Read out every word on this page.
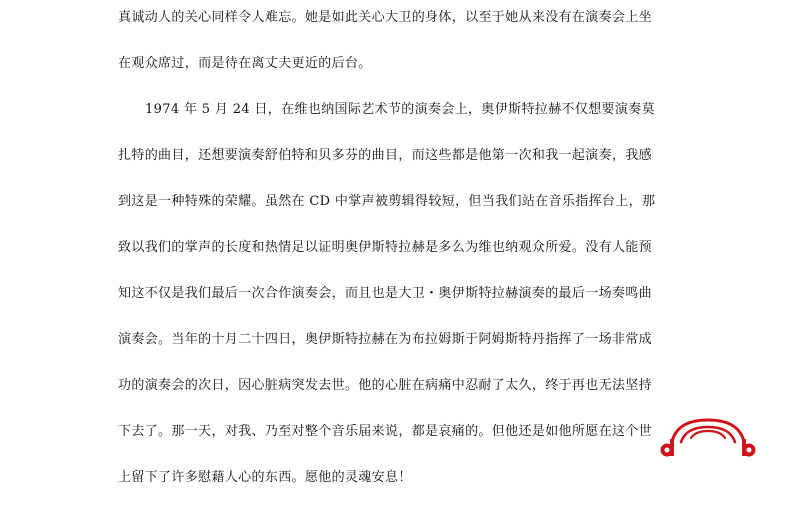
真诚动人的关心同样令人难忘。她是如此关心大卫的身体，以至于她从来没有在演奏会上坐
在观众席过，而是待在离丈夫更近的后台。
1974 年 5 月 24 日，在维也纳国际艺术节的演奏会上，奥伊斯特拉赫不仅想要演奏莫
扎特的曲目，还想要演奏舒伯特和贝多芬的曲目，而这些都是他第一次和我一起演奏，我感
到这是一种特殊的荣耀。虽然在 CD 中掌声被剪辑得较短，但当我们站在音乐指挥台上，那
致以我们的掌声的长度和热情足以证明奥伊斯特拉赫是多么为维也纳观众所爱。没有人能预
知这不仅是我们最后一次合作演奏会，而且也是大卫・奥伊斯特拉赫演奏的最后一场奏鸣曲
演奏会。当年的十月二十四日，奥伊斯特拉赫在为布拉姆斯于阿姆斯特丹指挥了一场非常成
功的演奏会的次日，因心脏病突发去世。他的心脏在病痛中忍耐了太久，终于再也无法坚持
下去了。那一天，对我、乃至对整个音乐届来说，都是哀痛的。但他还是如他所愿在这个世
上留下了许多慰藉人心的东西。愿他的灵魂安息！
